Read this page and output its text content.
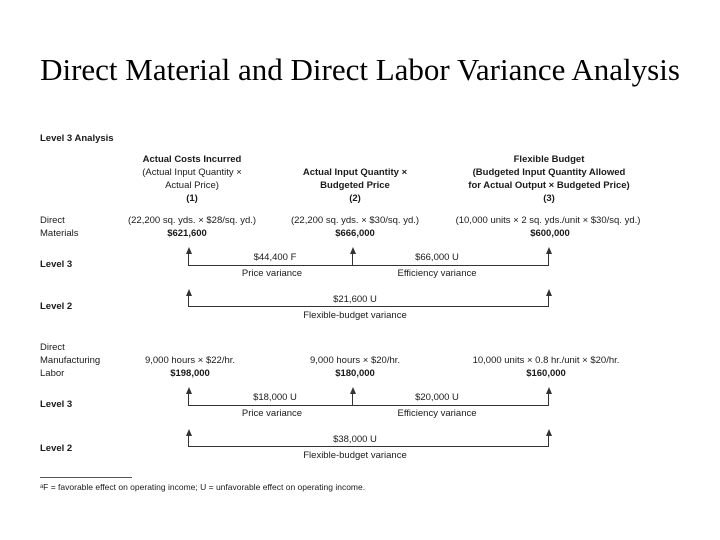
Direct Material and Direct Labor Variance Analysis
Level 3 Analysis
Actual Costs Incurred
(Actual Input Quantity ×
Actual Price)
(1)
Actual Input Quantity ×
Budgeted Price
(2)
Flexible Budget
(Budgeted Input Quantity Allowed
for Actual Output × Budgeted Price)
(3)
Direct
Materials
(22,200 sq. yds. × $28/sq. yd.)
$621,600
(22,200 sq. yds. × $30/sq. yd.)
$666,000
(10,000 units × 2 sq. yds./unit × $30/sq. yd.)
$600,000
Level 3
$44,400 F
Price variance
$66,000 U
Efficiency variance
Level 2
$21,600 U
Flexible-budget variance
Direct
Manufacturing
Labor
9,000 hours × $22/hr.
$198,000
9,000 hours × $20/hr.
$180,000
10,000 units × 0.8 hr./unit × $20/hr.
$160,000
Level 3
$18,000 U
Price variance
$20,000 U
Efficiency variance
Level 2
$38,000 U
Flexible-budget variance
ᵃF = favorable effect on operating income; U = unfavorable effect on operating income.
